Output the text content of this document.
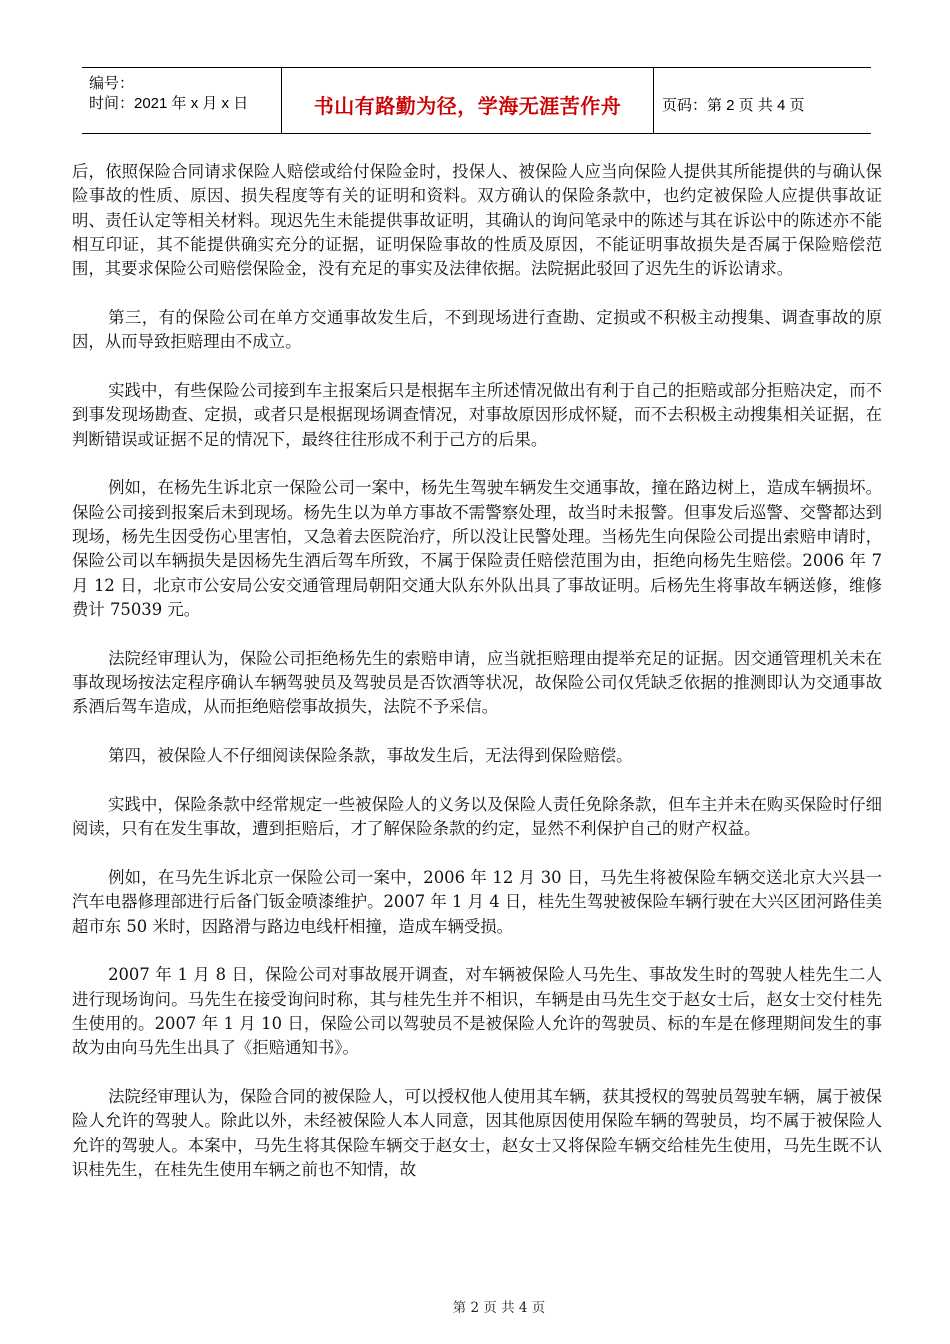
编号：
时间：2021 年 x 月 x 日	书山有路勤为径，学海无涯苦作舟	页码：第 2 页 共 4 页

后，依照保险合同请求保险人赔偿或给付保险金时，投保人、被保险人应当向保险人提供其所能提供的与确认保险事故的性质、原因、损失程度等有关的证明和资料。双方确认的保险条款中，也约定被保险人应提供事故证明、责任认定等相关材料。现迟先生未能提供事故证明，其确认的询问笔录中的陈述与其在诉讼中的陈述亦不能相互印证，其不能提供确实充分的证据，证明保险事故的性质及原因，不能证明事故损失是否属于保险赔偿范围，其要求保险公司赔偿保险金，没有充足的事实及法律依据。法院据此驳回了迟先生的诉讼请求。

第三，有的保险公司在单方交通事故发生后，不到现场进行查勘、定损或不积极主动搜集、调查事故的原因，从而导致拒赔理由不成立。

实践中，有些保险公司接到车主报案后只是根据车主所述情况做出有利于自己的拒赔或部分拒赔决定，而不到事发现场勘查、定损，或者只是根据现场调查情况，对事故原因形成怀疑，而不去积极主动搜集相关证据，在判断错误或证据不足的情况下，最终往往形成不利于己方的后果。

例如，在杨先生诉北京一保险公司一案中，杨先生驾驶车辆发生交通事故，撞在路边树上，造成车辆损坏。保险公司接到报案后未到现场。杨先生以为单方事故不需警察处理，故当时未报警。但事发后巡警、交警都达到现场，杨先生因受伤心里害怕，又急着去医院治疗，所以没让民警处理。当杨先生向保险公司提出索赔申请时，保险公司以车辆损失是因杨先生酒后驾车所致，不属于保险责任赔偿范围为由，拒绝向杨先生赔偿。2006 年 7 月 12 日，北京市公安局公安交通管理局朝阳交通大队东外队出具了事故证明。后杨先生将事故车辆送修，维修费计 75039 元。

法院经审理认为，保险公司拒绝杨先生的索赔申请，应当就拒赔理由提举充足的证据。因交通管理机关未在事故现场按法定程序确认车辆驾驶员及驾驶员是否饮酒等状况，故保险公司仅凭缺乏依据的推测即认为交通事故系酒后驾车造成，从而拒绝赔偿事故损失，法院不予采信。

第四，被保险人不仔细阅读保险条款，事故发生后，无法得到保险赔偿。

实践中，保险条款中经常规定一些被保险人的义务以及保险人责任免除条款，但车主并未在购买保险时仔细阅读，只有在发生事故，遭到拒赔后，才了解保险条款的约定，显然不利保护自己的财产权益。

例如，在马先生诉北京一保险公司一案中，2006 年 12 月 30 日，马先生将被保险车辆交送北京大兴县一汽车电器修理部进行后备门钣金喷漆维护。2007 年 1 月 4 日，桂先生驾驶被保险车辆行驶在大兴区团河路佳美超市东 50 米时，因路滑与路边电线杆相撞，造成车辆受损。

2007 年 1 月 8 日，保险公司对事故展开调查，对车辆被保险人马先生、事故发生时的驾驶人桂先生二人进行现场询问。马先生在接受询问时称，其与桂先生并不相识，车辆是由马先生交于赵女士后，赵女士交付桂先生使用的。2007 年 1 月 10 日，保险公司以驾驶员不是被保险人允许的驾驶员、标的车是在修理期间发生的事故为由向马先生出具了《拒赔通知书》。

法院经审理认为，保险合同的被保险人，可以授权他人使用其车辆，获其授权的驾驶员驾驶车辆，属于被保险人允许的驾驶人。除此以外，未经被保险人本人同意，因其他原因使用保险车辆的驾驶员，均不属于被保险人允许的驾驶人。本案中，马先生将其保险车辆交于赵女士，赵女士又将保险车辆交给桂先生使用，马先生既不认识桂先生，在桂先生使用车辆之前也不知情，故

第 2 页 共 4 页
